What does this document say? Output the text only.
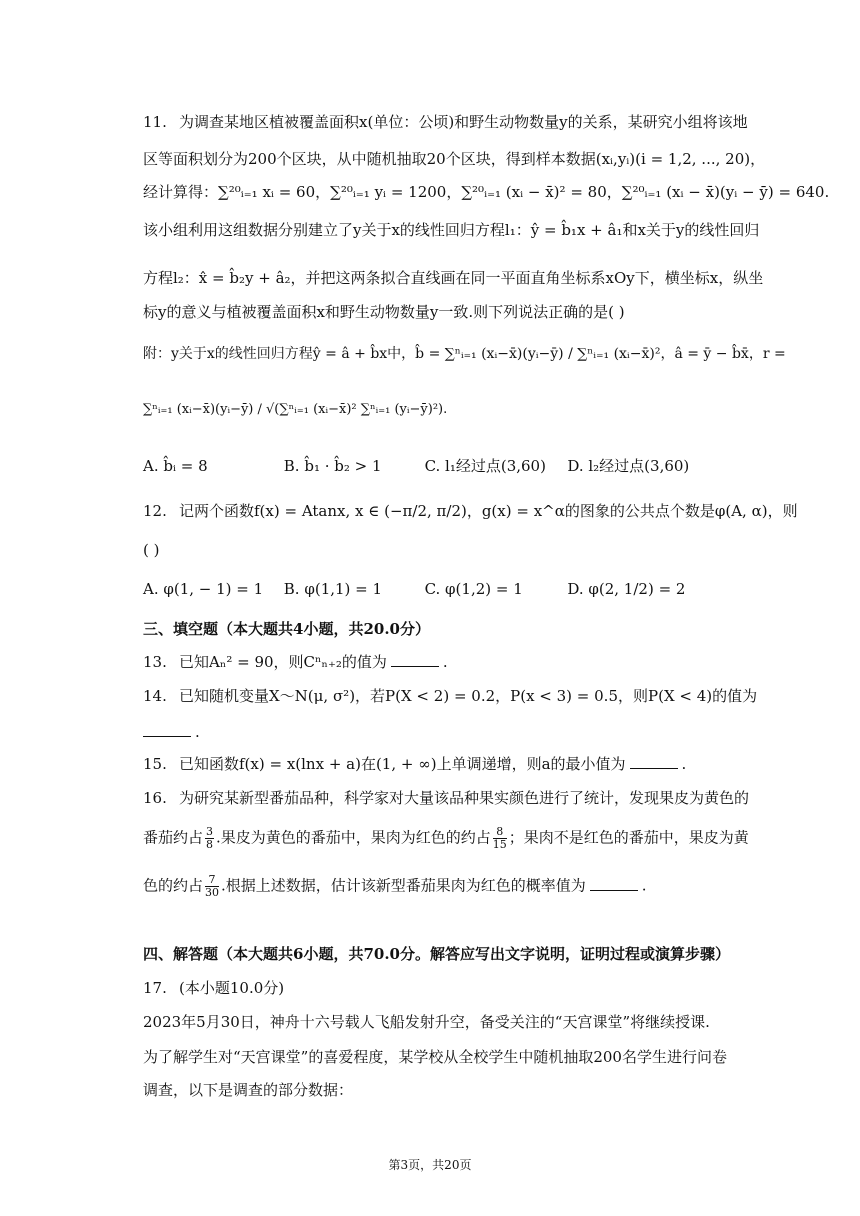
11. 为调查某地区植被覆盖面积x(单位：公顷)和野生动物数量y的关系，某研究小组将该地
区等面积划分为200个区块，从中随机抽取20个区块，得到样本数据(xᵢ,yᵢ)(i = 1,2, ..., 20)，
经计算得：∑²⁰ᵢ₌₁ xᵢ = 60，∑²⁰ᵢ₌₁ yᵢ = 1200，∑²⁰ᵢ₌₁ (xᵢ − x̄)² = 80，∑²⁰ᵢ₌₁ (xᵢ − x̄)(yᵢ − ȳ) = 640.
该小组利用这组数据分别建立了y关于x的线性回归方程l₁：ŷ = b̂₁x + â₁和x关于y的线性回归
方程l₂：x̂ = b̂₂y + â₂，并把这两条拟合直线画在同一平面直角坐标系xOy下，横坐标x，纵坐
标y的意义与植被覆盖面积x和野生动物数量y一致.则下列说法正确的是( )
附：y关于x的线性回归方程ŷ = â + b̂x中，b̂ = ∑ⁿᵢ₌₁ (xᵢ−x̄)(yᵢ−ȳ) / ∑ⁿᵢ₌₁ (xᵢ−x̄)²，â = ȳ − b̂x̄，r =
∑ⁿᵢ₌₁ (xᵢ−x̄)(yᵢ−ȳ) / √(∑ⁿᵢ₌₁ (xᵢ−x̄)² ∑ⁿᵢ₌₁ (yᵢ−ȳ)²).
A. b̂ᵢ = 8	B. b̂₁ · b̂₂ > 1	C. l₁经过点(3,60) D. l₂经过点(3,60)
12. 记两个函数f(x) = Atanx, x ∈ (−π/2, π/2)，g(x) = x^α的图象的公共点个数是φ(A, α)，则
( )
A. φ(1, − 1) = 1 B. φ(1,1) = 1	C. φ(1,2) = 1	D. φ(2, 1/2) = 2
三、填空题（本大题共4小题，共20.0分）
13. 已知Aₙ² = 90，则Cⁿₙ₊₂的值为	.
14. 已知随机变量X～N(μ, σ²)，若P(X < 2) = 0.2，P(x < 3) = 0.5，则P(X < 4)的值为
.
15. 已知函数f(x) = x(lnx + a)在(1, + ∞)上单调递增，则a的最小值为	.
16. 为研究某新型番茄品种，科学家对大量该品种果实颜色进行了统计，发现果皮为黄色的
番茄约占 $\frac{3}{8}$ .果皮为黄色的番茄中，果肉为红色的约占 $\frac{8}{15}$ ；果肉不是红色的番茄中，果皮为黄
色的约占 $\frac{7}{30}$ .根据上述数据，估计该新型番茄果肉为红色的概率值为	.
四、解答题（本大题共6小题，共70.0分。解答应写出文字说明，证明过程或演算步骤）
17. (本小题10.0分)
2023年5月30日，神舟十六号载人飞船发射升空，备受关注的“天宫课堂”将继续授课.
为了解学生对“天宫课堂”的喜爱程度，某学校从全校学生中随机抽取200名学生进行问卷
调查，以下是调查的部分数据：
第3页，共20页
